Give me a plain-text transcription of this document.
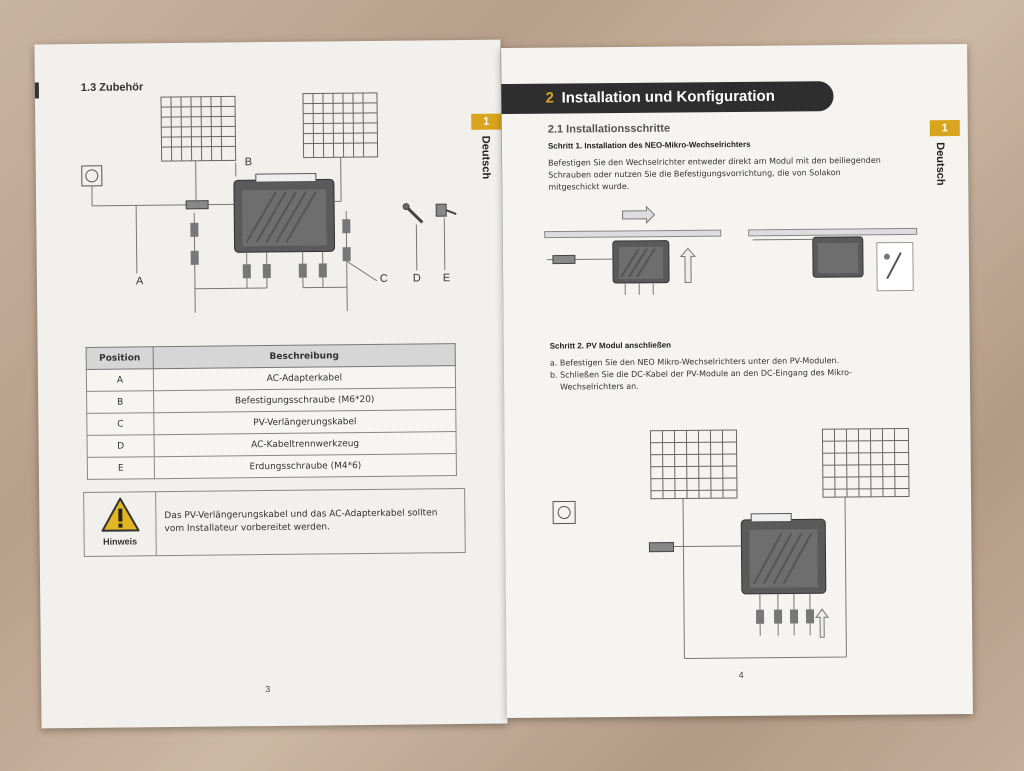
1.3 Zubehör
1
Deutsch
A
B
C D E
Position	Beschreibung
A	AC-Adapterkabel
B	Befestigungsschraube (M6*20)
C	PV-Verlängerungskabel
D	AC-Kabeltrennwerkzeug
E	Erdungsschraube (M4*6)
Hinweis
Das PV-Verlängerungskabel und das AC-Adapterkabel sollten
vom Installateur vorbereitet werden.
3
2 Installation und Konfiguration
1
Deutsch
2.1 Installationsschritte
Schritt 1. Installation des NEO-Mikro-Wechselrichters
Befestigen Sie den Wechselrichter entweder direkt am Modul mit den beiliegenden
Schrauben oder nutzen Sie die Befestigungsvorrichtung, die von Solakon
mitgeschickt wurde.
Schritt 2. PV Modul anschließen
a. Befestigen Sie den NEO Mikro-Wechselrichters unter den PV-Modulen.
b. Schließen Sie die DC-Kabel der PV-Module an den DC-Eingang des Mikro-
Wechselrichters an.
4
